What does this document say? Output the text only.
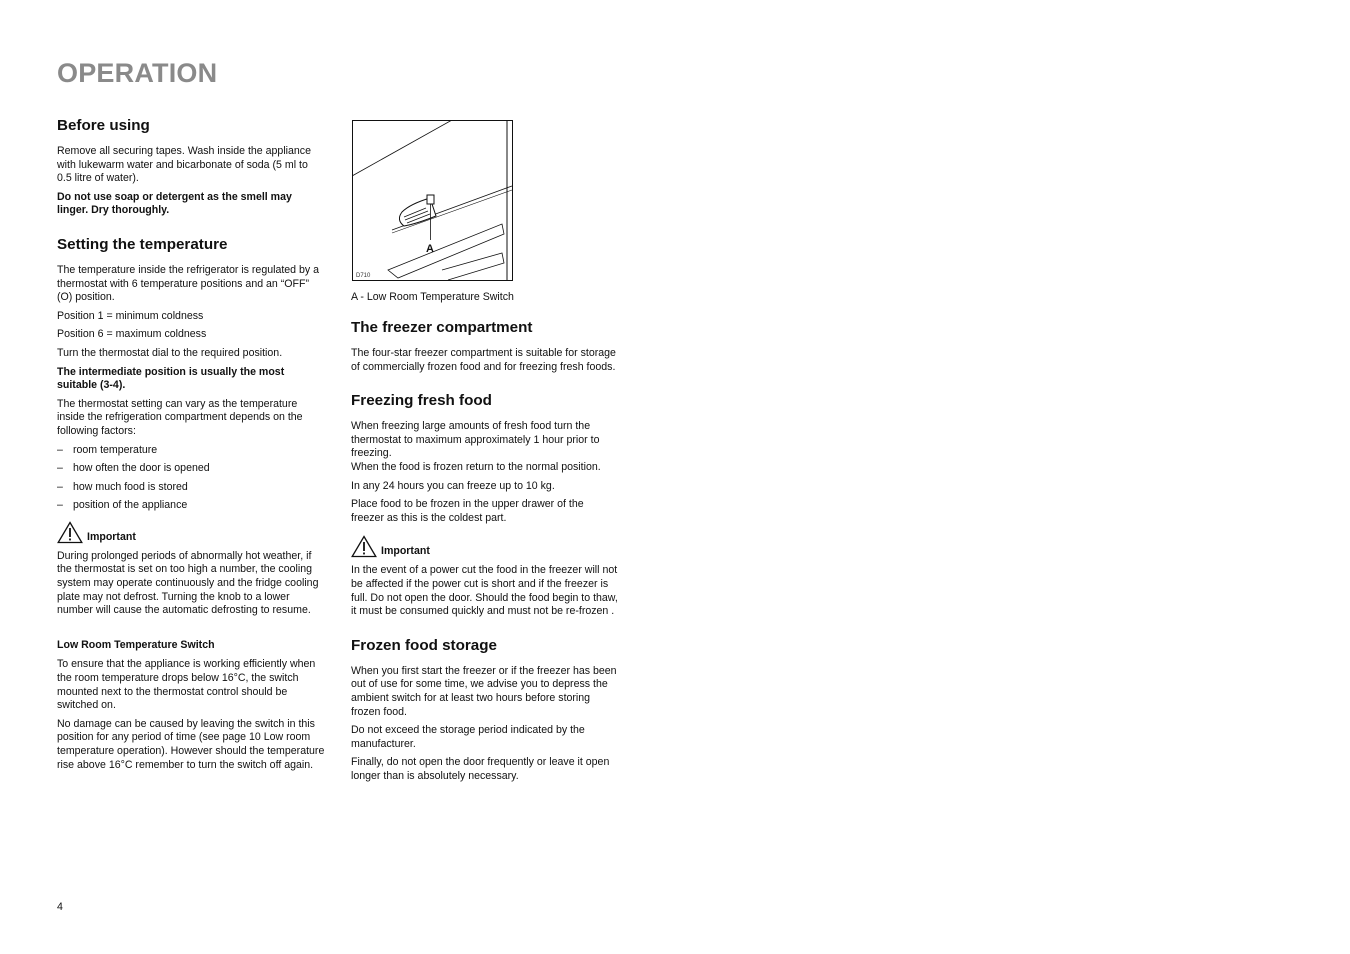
OPERATION
Before using

Remove all securing tapes. Wash inside the appliance with lukewarm water and bicarbonate of soda (5 ml to 0.5 litre of water).

Do not use soap or detergent as the smell may linger. Dry thoroughly.

Setting the temperature

The temperature inside the refrigerator is regulated by a thermostat with 6 temperature positions and an “OFF” (O) position.

Position 1 = minimum coldness

Position 6 = maximum coldness

Turn the thermostat dial to the required position.

The intermediate position is usually the most suitable (3-4).

The thermostat setting can vary as the temperature inside the refrigeration compartment depends on the following factors:

– room temperature
– how often the door is opened
– how much food is stored
– position of the appliance
Important

During prolonged periods of abnormally hot weather, if the thermostat is set on too high a number, the cooling system may operate continuously and the fridge cooling plate may not defrost. Turning the knob to a lower number will cause the automatic defrosting to resume.

Low Room Temperature Switch

To ensure that the appliance is working efficiently when the room temperature drops below 16°C, the switch mounted next to the thermostat control should be switched on.

No damage can be caused by leaving the switch in this position for any period of time (see page 10 Low room temperature operation). However should the temperature rise above 16°C remember to turn the switch off again.

A
D710
A - Low Room Temperature Switch
The freezer compartment

The four-star freezer compartment is suitable for storage of commercially frozen food and for freezing fresh foods.

Freezing fresh food

When freezing large amounts of fresh food turn the thermostat to maximum approximately 1 hour prior to freezing.

When the food is frozen return to the normal position.

In any 24 hours you can freeze up to 10 kg.

Place food to be frozen in the upper drawer of the freezer as this is the coldest part.

Important

In the event of a power cut the food in the freezer will not be affected if the power cut is short and if the freezer is full. Do not open the door. Should the food begin to thaw, it must be consumed quickly and must not be re-frozen .

Frozen food storage

When you first start the freezer or if the freezer has been out of use for some time, we advise you to depress the ambient switch for at least two hours before storing frozen food.

Do not exceed the storage period indicated by the manufacturer.

Finally, do not open the door frequently or leave it open longer than is absolutely necessary.

4
